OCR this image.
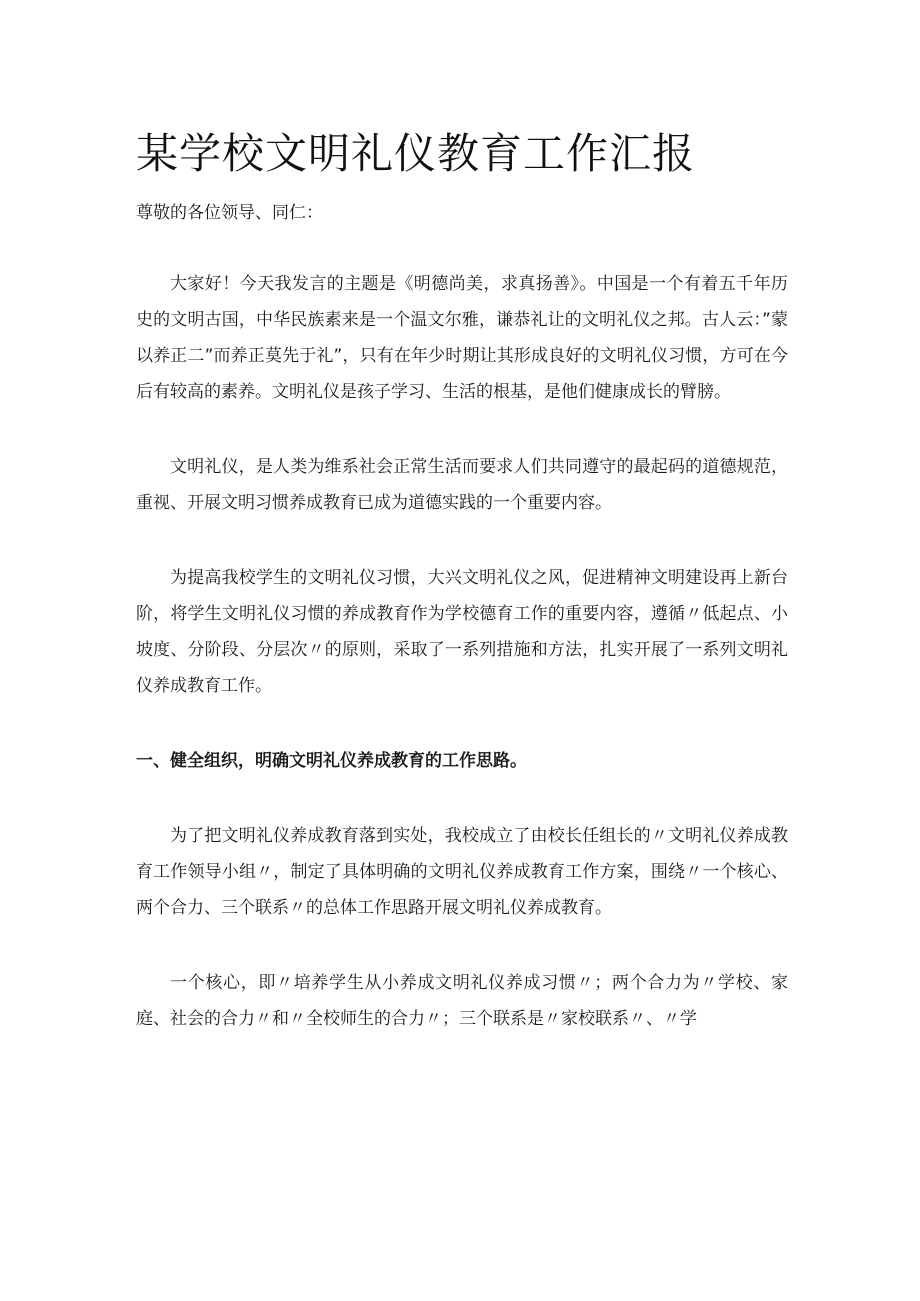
某学校文明礼仪教育工作汇报
尊敬的各位领导、同仁：

大家好！今天我发言的主题是《明德尚美，求真扬善》。中国是一个有着五千年历史的文明古国，中华民族素来是一个温文尔雅，谦恭礼让的文明礼仪之邦。古人云：”蒙以养正二”而养正莫先于礼”，只有在年少时期让其形成良好的文明礼仪习惯，方可在今后有较高的素养。文明礼仪是孩子学习、生活的根基，是他们健康成长的臂膀。

文明礼仪，是人类为维系社会正常生活而要求人们共同遵守的最起码的道德规范，重视、开展文明习惯养成教育已成为道德实践的一个重要内容。

为提高我校学生的文明礼仪习惯，大兴文明礼仪之风，促进精神文明建设再上新台阶，将学生文明礼仪习惯的养成教育作为学校德育工作的重要内容，遵循〃低起点、小坡度、分阶段、分层次〃的原则，采取了一系列措施和方法，扎实开展了一系列文明礼仪养成教育工作。

一、健全组织，明确文明礼仪养成教育的工作思路。

为了把文明礼仪养成教育落到实处，我校成立了由校长任组长的〃文明礼仪养成教育工作领导小组〃，制定了具体明确的文明礼仪养成教育工作方案，围绕〃一个核心、两个合力、三个联系〃的总体工作思路开展文明礼仪养成教育。

一个核心，即〃培养学生从小养成文明礼仪养成习惯〃；两个合力为〃学校、家庭、社会的合力〃和〃全校师生的合力〃；三个联系是〃家校联系〃、〃学
